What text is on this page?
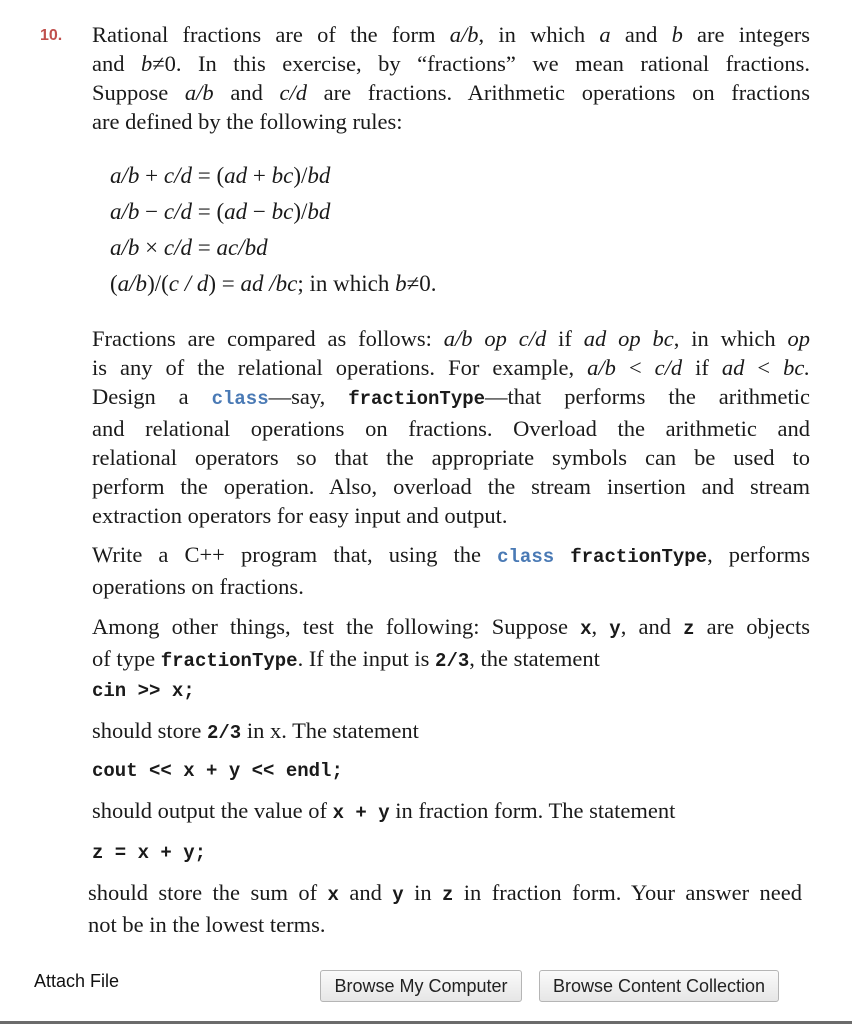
10. Rational fractions are of the form a/b, in which a and b are integers
and b≠0. In this exercise, by “fractions” we mean rational fractions.
Suppose a/b and c/d are fractions. Arithmetic operations on fractions
are defined by the following rules:
a/b + c/d = (ad + bc)/bd
a/b − c/d = (ad − bc)/bd
a/b × c/d = ac/bd
(a/b)/(c / d) = ad /bc; in which b≠0.
Fractions are compared as follows: a/b op c/d if ad op bc, in which op
is any of the relational operations. For example, a/b < c/d if ad < bc.
Design a class—say, fractionType—that performs the arithmetic
and relational operations on fractions. Overload the arithmetic and
relational operators so that the appropriate symbols can be used to
perform the operation. Also, overload the stream insertion and stream
extraction operators for easy input and output.
Write a C++ program that, using the class fractionType, performs
operations on fractions.
Among other things, test the following: Suppose x, y, and z are objects
of type fractionType. If the input is 2/3, the statement
cin >> x;
should store 2/3 in x. The statement
cout << x + y << endl;
should output the value of x + y in fraction form. The statement
z = x + y;
should store the sum of x and y in z in fraction form. Your answer need
not be in the lowest terms.
Attach File	Browse My Computer	Browse Content Collection
